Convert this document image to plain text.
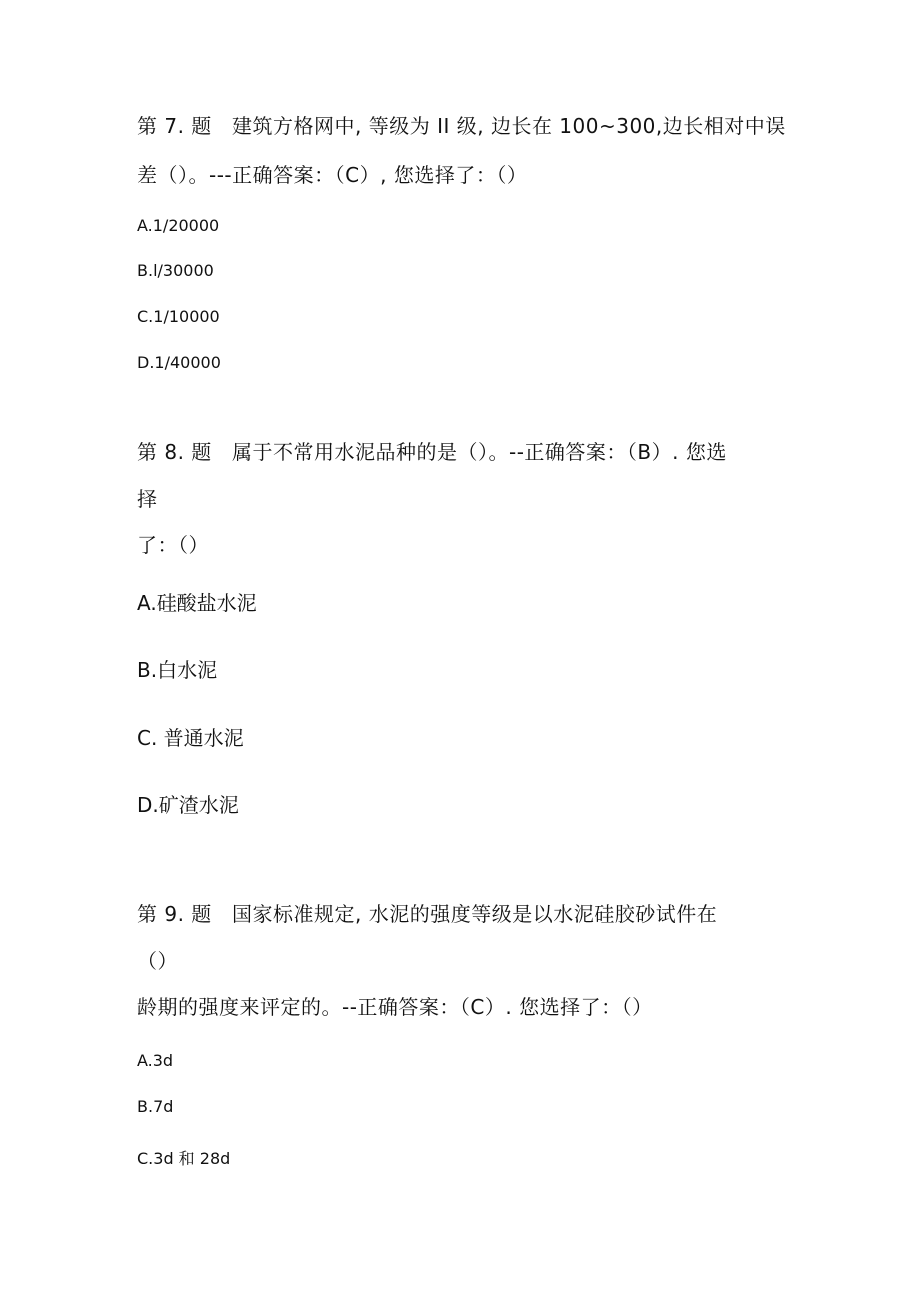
第 7. 题 建筑方格网中, 等级为 II 级, 边长在 100~300,边长相对中误
差（）。---正确答案：（C）, 您选择了：（）
A.1/20000
B.l/30000
C.1/10000
D.1/40000
第 8. 题 属于不常用水泥品种的是（）。--正确答案：（B）. 您选
择
了：（）
A.硅酸盐水泥
B.白水泥
C. 普通水泥
D.矿渣水泥
第 9. 题 国家标准规定, 水泥的强度等级是以水泥硅胶砂试件在
（）
龄期的强度来评定的。--正确答案：（C）. 您选择了：（）
A.3d
B.7d
C.3d 和 28d
